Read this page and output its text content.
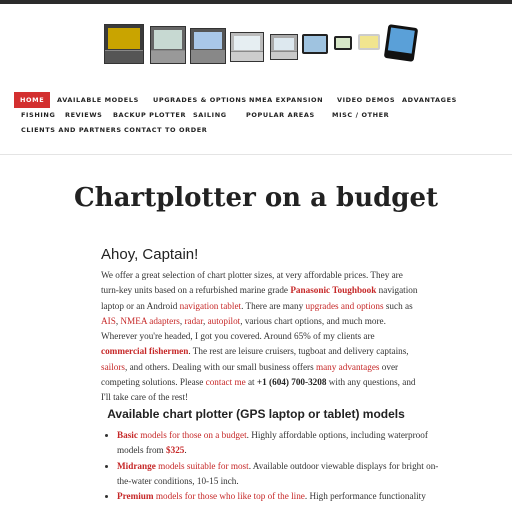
HOME	AVAILABLE MODELS UPGRADES & OPTIONS NMEA EXPANSION VIDEO DEMOS ADVANTAGES
FISHING REVIEWS BACKUP PLOTTER SAILING	POPULAR AREAS	MISC / OTHER
CLIENTS AND PARTNERS CONTACT TO ORDER
Chartplotter on a budget
Ahoy, Captain!
We offer a great selection of chart plotter sizes, at very affordable prices. They are turn-key units based on a refurbished marine grade Panasonic Toughbook navigation laptop or an Android navigation tablet. There are many upgrades and options such as AIS, NMEA adapters, radar, autopilot, various chart options, and much more. Wherever you're headed, I got you covered. Around 65% of my clients are commercial fishermen. The rest are leisure cruisers, tugboat and delivery captains, sailors, and others. Dealing with our small business offers many advantages over competing solutions. Please contact me at +1 (604) 700-3208 with any questions, and I'll take care of the rest!
Available chart plotter (GPS laptop or tablet) models
• Basic models for those on a budget. Highly affordable options, including waterproof models from $325.
• Midrange models suitable for most. Available outdoor viewable displays for bright on-the-water conditions, 10-15 inch.
• Premium models for those who like top of the line. High performance functionality
